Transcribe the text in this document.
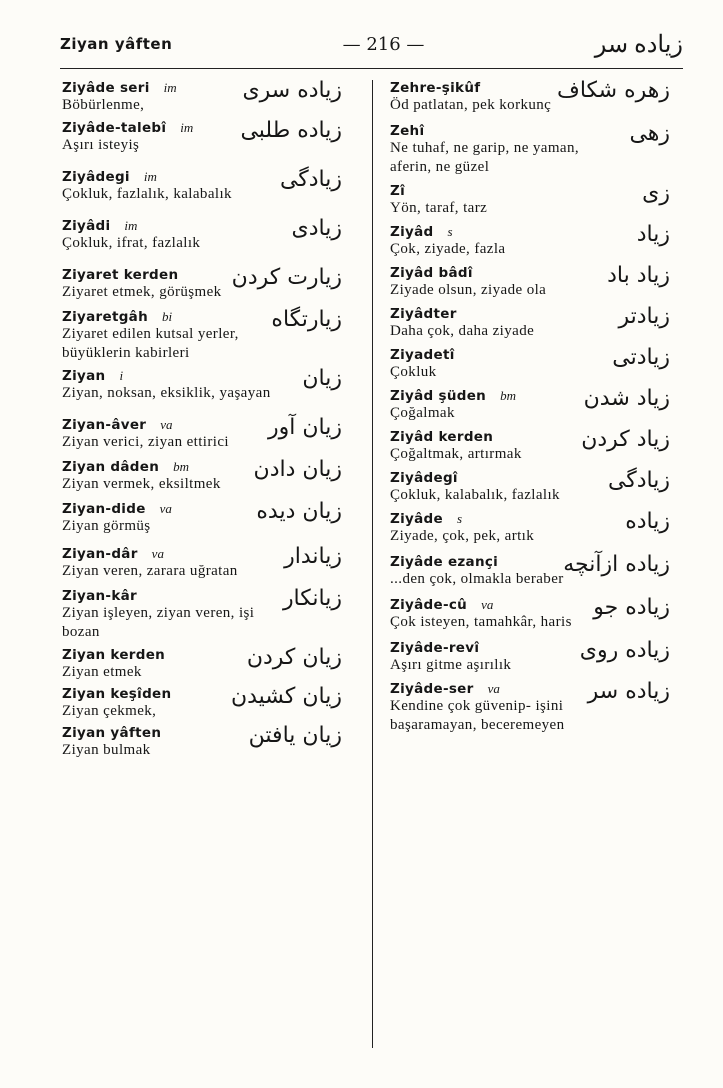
Ziyan yâften	— 216 —	زياده سر
Ziyâde seri im	زياده سرى
Böbürlenme,
Ziyâde-talebî im زياده طلبى
Aşırı isteyiş
Ziyâdegi im	زيادگى
Çokluk, fazlalık, kalabalık
Ziyâdi im	زيادى
Çokluk, ifrat, fazlalık
Ziyaret kerden زيارت كردن
Ziyaret etmek, görüşmek
Ziyaretgâh bi	زيارتگاه
Ziyaret edilen kutsal yerler, büyüklerin kabirleri
Ziyan i	زيان
Ziyan, noksan, eksiklik, yaşayan
Ziyan-âver va	زيان آور
Ziyan verici, ziyan ettirici
Ziyan dâden bm	زيان دادن
Ziyan vermek, eksiltmek
Ziyan-dide va	زيان ديده
Ziyan görmüş
Ziyan-dâr va	زياندار
Ziyan veren, zarara uğratan
Ziyan-kâr	زيانكار
Ziyan işleyen, ziyan veren, işi bozan
Ziyan kerden	زيان كردن
Ziyan etmek
Ziyan keşîden	زيان كشيدن
Ziyan çekmek,
Ziyan yâften	زيان يافتن
Ziyan bulmak
Zehre-şikûf	زهره شكاف
Öd patlatan, pek korkunç
Zehî	زهى
Ne tuhaf, ne garip, ne yaman, aferin, ne güzel
Zî	زى
Yön, taraf, tarz
Ziyâd s	زياد
Çok, ziyade, fazla
Ziyâd bâdî	زياد باد
Ziyade olsun, ziyade ola
Ziyâdter	زيادتر
Daha çok, daha ziyade
Ziyadetî	زيادتى
Çokluk
Ziyâd şüden bm	زياد شدن
Çoğalmak
Ziyâd kerden	زياد كردن
Çoğaltmak, artırmak
Ziyâdegî	زيادگى
Çokluk, kalabalık, fazlalık
Ziyâde s	زياده
Ziyade, çok, pek, artık
Ziyâde ezançi	زياده ازآنچه
...den çok, olmakla beraber
Ziyâde-cû va	زياده جو
Çok isteyen, tamahkâr, haris
Ziyâde-revî	زياده روى
Aşırı gitme aşırılık
Ziyâde-ser va	زياده سر
Kendine çok güvenip- işini başaramayan, beceremeyen
